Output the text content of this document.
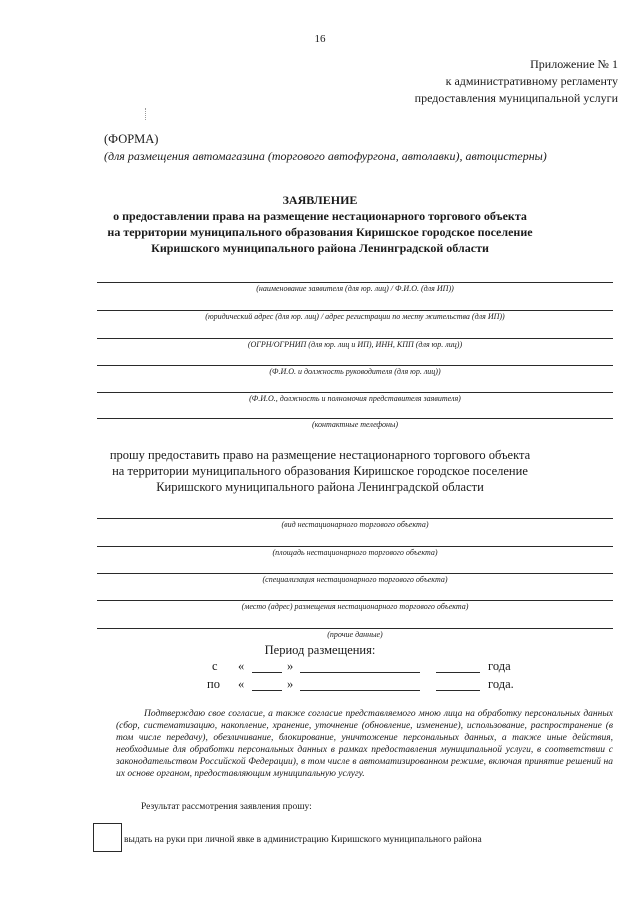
16
Приложение № 1
к административному регламенту
предоставления муниципальной услуги
(ФОРМА)
(для размещения автомагазина (торгового автофургона, автолавки), автоцистерны)
ЗАЯВЛЕНИЕ
о предоставлении права на размещение нестационарного торгового объекта
на территории муниципального образования Киришское городское поселение
Киришского муниципального района Ленинградской области
(наименование заявителя (для юр. лиц) / Ф.И.О. (для ИП))
(юридический адрес (для юр. лиц) / адрес регистрации по месту жительства (для ИП))
(ОГРН/ОГРНИП (для юр. лиц и ИП), ИНН, КПП (для юр. лиц))
(Ф.И.О. и должность руководителя (для юр. лиц))
(Ф.И.О., должность и полномочия представителя заявителя)
(контактные телефоны)
прошу предоставить право на размещение нестационарного торгового объекта
на территории муниципального образования Киришское городское поселение
Киришского муниципального района Ленинградской области
(вид нестационарного торгового объекта)
(площадь нестационарного торгового объекта)
(специализация нестационарного торгового объекта)
(место (адрес) размещения нестационарного торгового объекта)
(прочие данные)
Период размещения:
с «	»	года
по «	»	года.
Подтверждаю свое согласие, а также согласие представляемого мною лица на обработку персональных данных (сбор, систематизацию, накопление, хранение, уточнение (обновление, изменение), использование, распространение (в том числе передачу), обезличивание, блокирование, уничтожение персональных данных, а также иные действия, необходимые для обработки персональных данных в рамках предоставления муниципальной услуги, в соответствии с законодательством Российской Федерации), в том числе в автоматизированном режиме, включая принятие решений на их основе органом, предоставляющим муниципальную услугу.
Результат рассмотрения заявления прошу:
выдать на руки при личной явке в администрацию Киришского муниципального района
